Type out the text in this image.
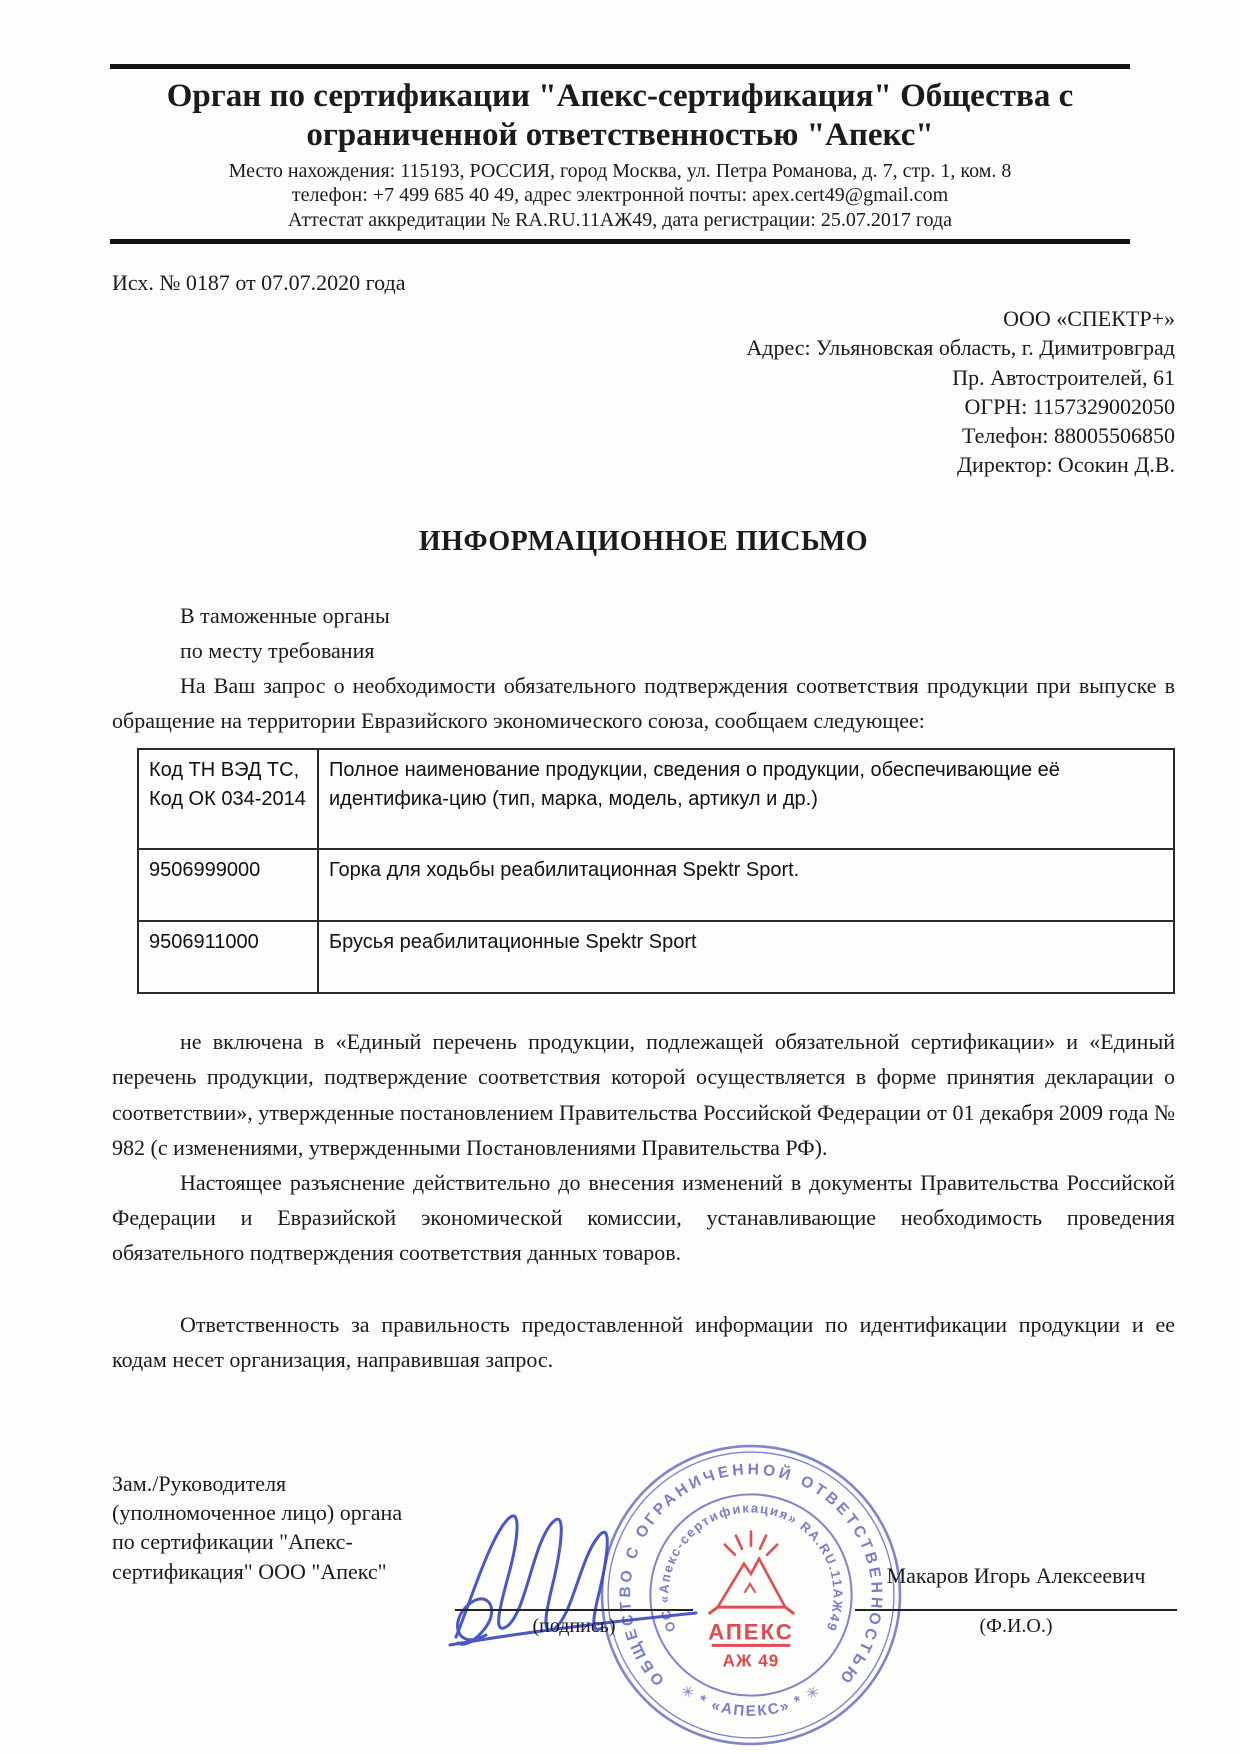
Орган по сертификации "Апекс-сертификация" Общества с ограниченной ответственностью "Апекс"
Место нахождения: 115193, РОССИЯ, город Москва, ул. Петра Романова, д. 7, стр. 1, ком. 8
телефон: +7 499 685 40 49, адрес электронной почты: apex.cert49@gmail.com
Аттестат аккредитации № RA.RU.11АЖ49, дата регистрации: 25.07.2017 года
Исх. № 0187 от 07.07.2020 года
ООО «СПЕКТР+»
Адрес: Ульяновская область, г. Димитровград
Пр. Автостроителей, 61
ОГРН: 1157329002050
Телефон: 88005506850
Директор: Осокин Д.В.
ИНФОРМАЦИОННОЕ ПИСЬМО
В таможенные органы
по месту требования

На Ваш запрос о необходимости обязательного подтверждения соответствия продукции при выпуске в обращение на территории Евразийского экономического союза, сообщаем следующее:

Код ТН ВЭД ТС, Код ОК 034-2014	Полное наименование продукции, сведения о продукции, обеспечивающие её идентифика-цию (тип, марка, модель, артикул и др.)
9506999000	Горка для ходьбы реабилитационная Spektr Sport.
9506911000	Брусья реабилитационные Spektr Sport

не включена в «Единый перечень продукции, подлежащей обязательной сертификации» и «Единый перечень продукции, подтверждение соответствия которой осуществляется в форме принятия декларации о соответствии», утвержденные постановлением Правительства Российской Федерации от 01 декабря 2009 года № 982 (с изменениями, утвержденными Постановлениями Правительства РФ).

Настоящее разъяснение действительно до внесения изменений в документы Правительства Российской Федерации и Евразийской экономической комиссии, устанавливающие необходимость проведения обязательного подтверждения соответствия данных товаров.

Ответственность за правильность предоставленной информации по идентификации продукции и ее кодам несет организация, направившая запрос.

Зам./Руководителя
(уполномоченное лицо) органа
по сертификации "Апекс-
сертификация" ООО "Апекс"
ОБЩЕСТВО С ОГРАНИЧЕННОЙ ОТВЕТСТВЕННОСТЬЮ
✳ * «АПЕКС» * ✳
ОС «Апекс-сертификация» RA.RU.11АЖ49
АПЕКС
АЖ 49
(подпись)
Макаров Игорь Алексеевич
(Ф.И.О.)
